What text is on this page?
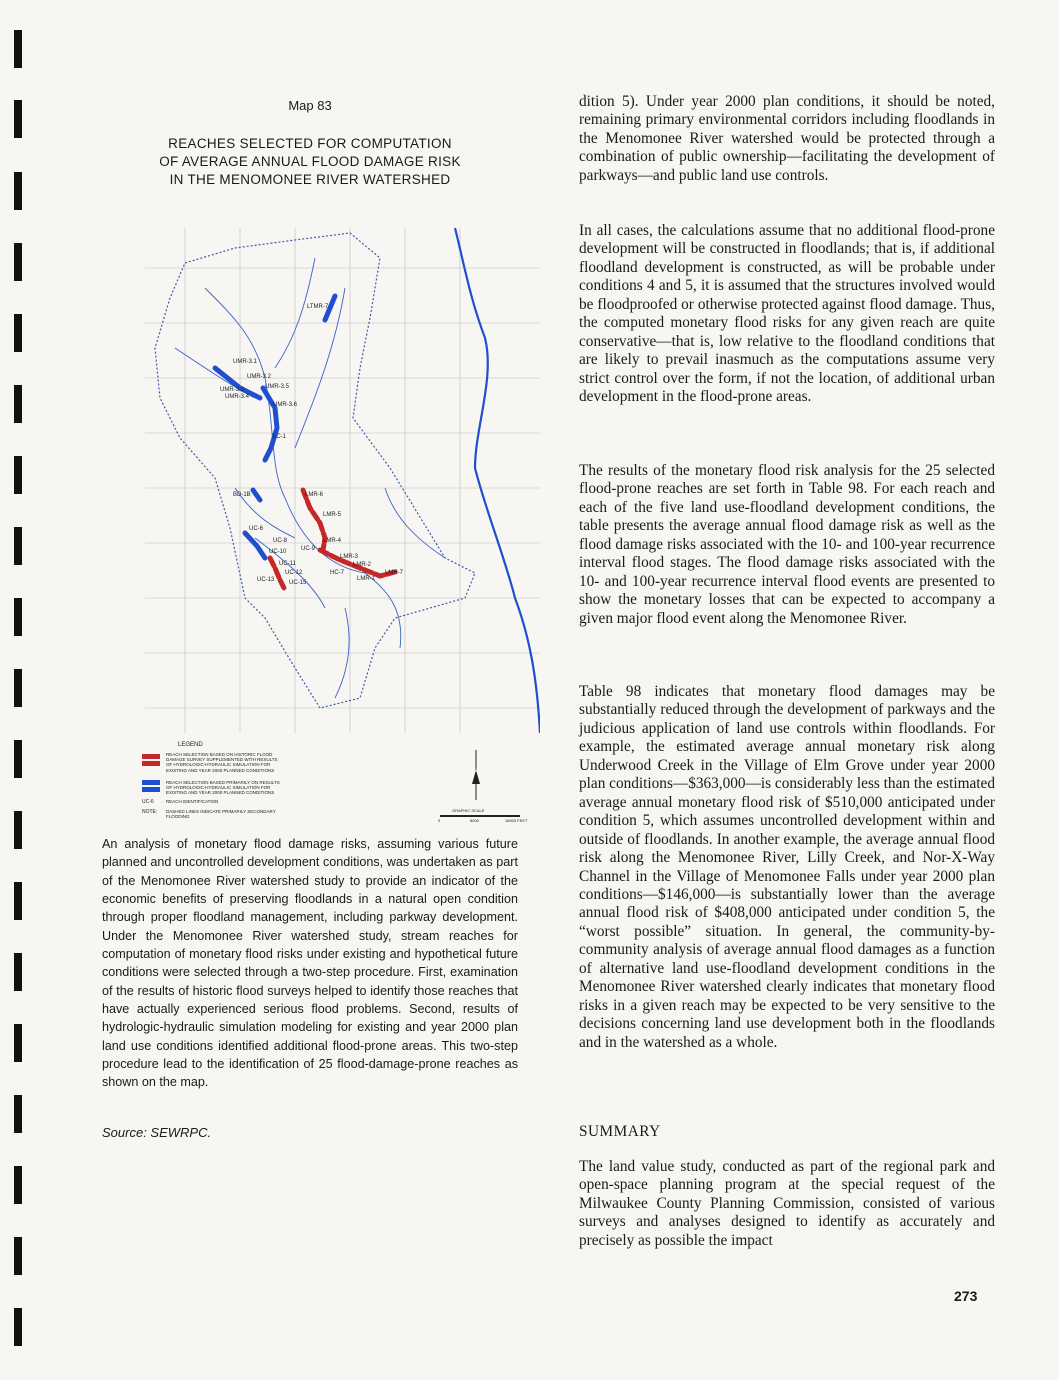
Map 83
REACHES SELECTED FOR COMPUTATION
OF AVERAGE ANNUAL FLOOD DAMAGE RISK
IN THE MENOMONEE RIVER WATERSHED
LTMR-7
UMR-3.1
UMR-3.2
UMR-3.3	UMR-3.5
UMR-3.4
UMR-3.6
LC-1
BD-1B	LMR-6
LMR-5
UC-6
UC-8	LMR-4
UC-9
UC-10
LMR-3
UC-11	LMR-2
HC-7
UC-12	LMR-7
LMR-1
UC-13 UC-15
LEGEND
REACH SELECTION BASED ON HISTORIC FLOOD
DAMAGE SURVEY SUPPLEMENTED WITH RESULTS
OF HYDROLOGIC-HYDRAULIC SIMULATION FOR
EXISTING AND YEAR 2000 PLANNED CONDITIONS
REACH SELECTION BASED PRIMARILY ON RESULTS
OF HYDROLOGIC-HYDRAULIC SIMULATION FOR
EXISTING AND YEAR 2000 PLANNED CONDITIONS
UC-6	REACH IDENTIFICATION
NOTE: DASHED LINES INDICATE PRIMARILY SECONDARY
FLOODING
N
GRAPHIC SCALE
0	8000	16000 FEET
An analysis of monetary flood damage risks, assuming various future planned and uncontrolled development conditions, was undertaken as part of the Menomonee River watershed study to provide an indicator of the economic benefits of preserving floodlands in a natural open condition through proper floodland management, including parkway development. Under the Menomonee River watershed study, stream reaches for computation of monetary flood risks under existing and hypothetical future conditions were selected through a two-step procedure. First, examination of the results of historic flood surveys helped to identify those reaches that have actually experienced serious flood problems. Second, results of hydrologic-hydraulic simulation modeling for existing and year 2000 plan land use conditions identified additional flood-prone areas. This two-step procedure lead to the identification of 25 flood-damage-prone reaches as shown on the map.
Source: SEWRPC.

dition 5). Under year 2000 plan conditions, it should be noted, remaining primary environmental corridors including floodlands in the Menomonee River watershed would be protected through a combination of public ownership—facilitating the development of parkways—and public land use controls.

In all cases, the calculations assume that no additional flood-prone development will be constructed in floodlands; that is, if additional floodland development is constructed, as will be probable under conditions 4 and 5, it is assumed that the structures involved would be floodproofed or otherwise protected against flood damage. Thus, the computed monetary flood risks for any given reach are quite conservative—that is, low relative to the floodland conditions that are likely to prevail inasmuch as the computations assume very strict control over the form, if not the location, of additional urban development in the flood-prone areas.

The results of the monetary flood risk analysis for the 25 selected flood-prone reaches are set forth in Table 98. For each reach and each of the five land use-floodland development conditions, the table presents the average annual flood damage risk as well as the flood damage risks associated with the 10- and 100-year recurrence interval flood stages. The flood damage risks associated with the 10- and 100-year recurrence interval flood events are presented to show the monetary losses that can be expected to accompany a given major flood event along the Menomonee River.

Table 98 indicates that monetary flood damages may be substantially reduced through the development of parkways and the judicious application of land use controls within floodlands. For example, the estimated average annual monetary risk along Underwood Creek in the Village of Elm Grove under year 2000 plan conditions—$363,000—is considerably less than the estimated average annual monetary flood risk of $510,000 anticipated under condition 5, which assumes uncontrolled development within and outside of floodlands. In another example, the average annual flood risk along the Menomonee River, Lilly Creek, and Nor-X-Way Channel in the Village of Menomonee Falls under year 2000 plan conditions—$146,000—is substantially lower than the average annual flood risk of $408,000 anticipated under condition 5, the “worst possible” situation. In general, the community-by-community analysis of average annual flood damages as a function of alternative land use-floodland development conditions in the Menomonee River watershed clearly indicates that monetary flood risks in a given reach may be expected to be very sensitive to the decisions concerning land use development both in the floodlands and in the watershed as a whole.

SUMMARY

The land value study, conducted as part of the regional park and open-space planning program at the special request of the Milwaukee County Planning Commission, consisted of various surveys and analyses designed to identify as accurately and precisely as possible the impact

273
